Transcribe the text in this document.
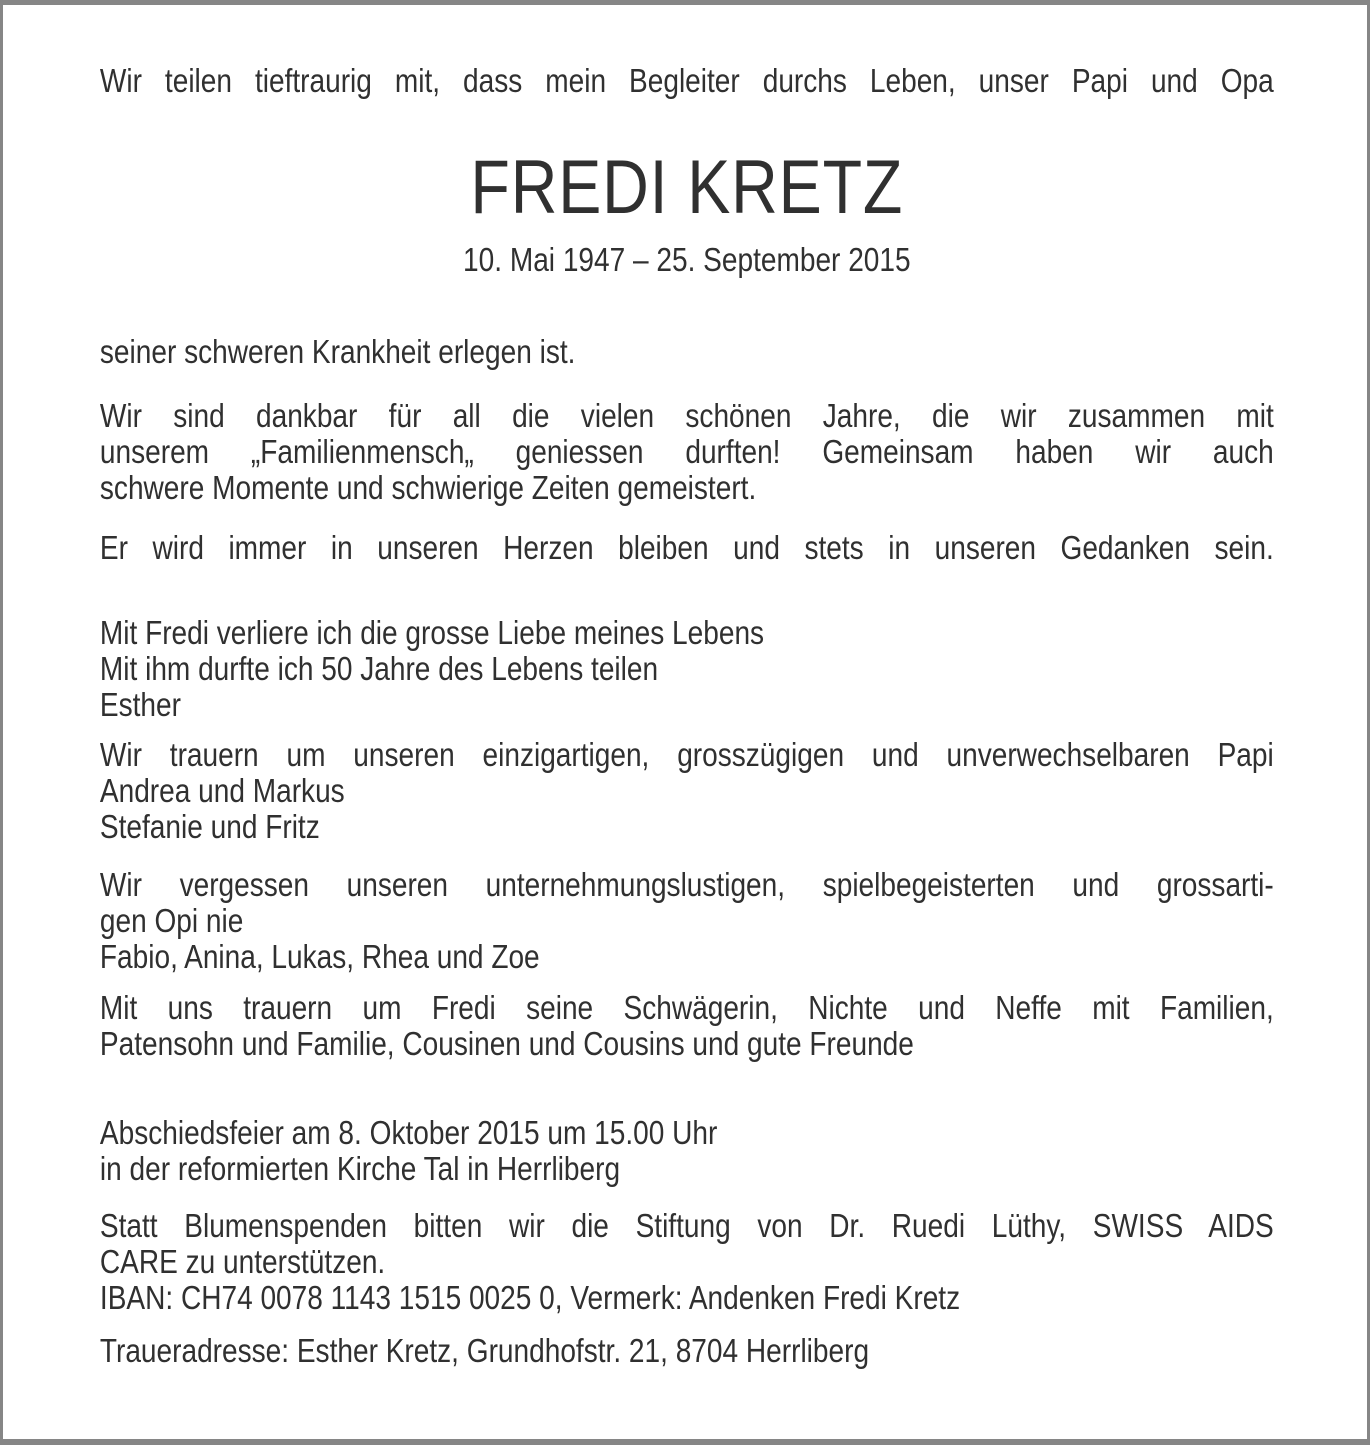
Wir teilen tieftraurig mit, dass mein Begleiter durchs Leben, unser Papi und Opa
FREDI KRETZ
10. Mai 1947 – 25. September 2015
seiner schweren Krankheit erlegen ist.
Wir sind dankbar für all die vielen schönen Jahre, die wir zusammen mit
unserem „Familienmensch„ geniessen durften! Gemeinsam haben wir auch
schwere Momente und schwierige Zeiten gemeistert.
Er wird immer in unseren Herzen bleiben und stets in unseren Gedanken sein.
Mit Fredi verliere ich die grosse Liebe meines Lebens
Mit ihm durfte ich 50 Jahre des Lebens teilen
Esther
Wir trauern um unseren einzigartigen, grosszügigen und unverwechselbaren Papi
Andrea und Markus
Stefanie und Fritz
Wir vergessen unseren unternehmungslustigen, spielbegeisterten und grossarti-
gen Opi nie
Fabio, Anina, Lukas, Rhea und Zoe
Mit uns trauern um Fredi seine Schwägerin, Nichte und Neffe mit Familien,
Patensohn und Familie, Cousinen und Cousins und gute Freunde
Abschiedsfeier am 8. Oktober 2015 um 15.00 Uhr
in der reformierten Kirche Tal in Herrliberg
Statt Blumenspenden bitten wir die Stiftung von Dr. Ruedi Lüthy, SWISS AIDS
CARE zu unterstützen.
IBAN: CH74 0078 1143 1515 0025 0, Vermerk: Andenken Fredi Kretz
Traueradresse: Esther Kretz, Grundhofstr. 21, 8704 Herrliberg
